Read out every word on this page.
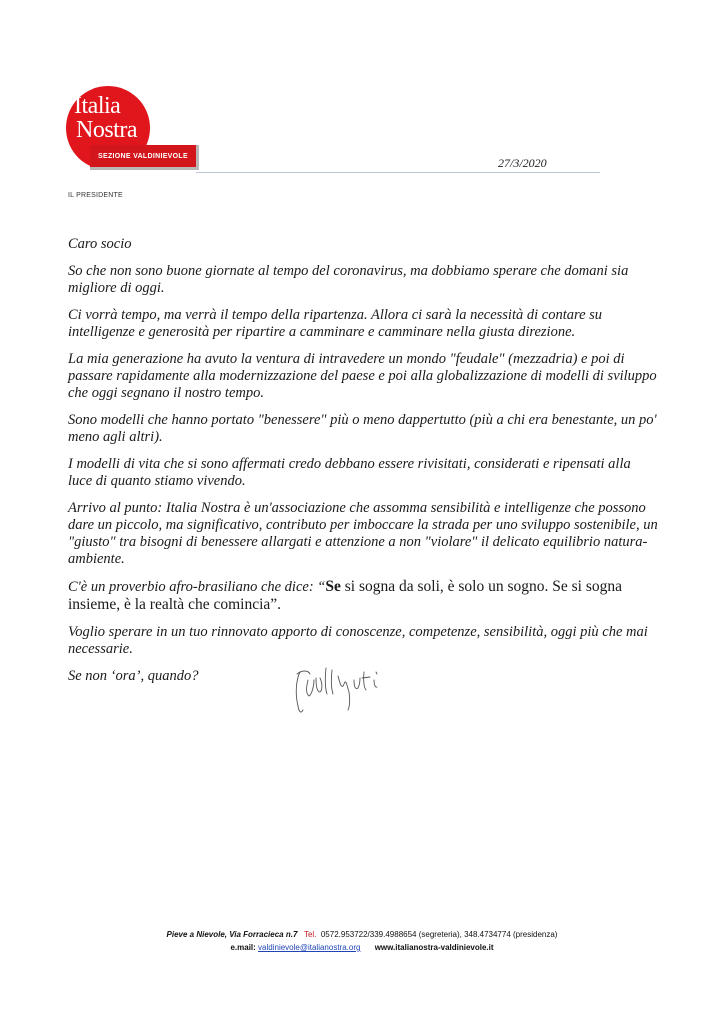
Italia
Nostra
SEZIONE VALDINIEVOLE	27/3/2020
IL PRESIDENTE

Caro socio

So che non sono buone giornate al tempo del coronavirus, ma dobbiamo sperare che domani sia migliore di oggi.

Ci vorrà tempo, ma verrà il tempo della ripartenza. Allora ci sarà la necessità di contare su intelligenze e generosità per ripartire a camminare e camminare nella giusta direzione.

La mia generazione ha avuto la ventura di intravedere un mondo "feudale" (mezzadria) e poi di passare rapidamente alla modernizzazione del paese e poi alla globalizzazione di modelli di sviluppo che oggi segnano il nostro tempo.

Sono modelli che hanno portato "benessere" più o meno dappertutto (più a chi era benestante, un po' meno agli altri).

I modelli di vita che si sono affermati credo debbano essere rivisitati, considerati e ripensati alla luce di quanto stiamo vivendo.

Arrivo al punto: Italia Nostra è un'associazione che assomma sensibilità e intelligenze che possono dare un piccolo, ma significativo, contributo per imboccare la strada per uno sviluppo sostenibile, un "giusto" tra bisogni di benessere allargati e attenzione a non "violare" il delicato equilibrio natura-ambiente.

C'è un proverbio afro-brasiliano che dice: “Se si sogna da soli, è solo un sogno. Se si sogna insieme, è la realtà che comincia”.

Voglio sperare in un tuo rinnovato apporto di conoscenze, competenze, sensibilità, oggi più che mai necessarie.

Se non ‘ora’, quando?

Pieve a Nievole, Via Forracieca n.7 Tel. 0572.953722/339.4988654 (segreteria), 348.4734774 (presidenza)
e.mail: valdinievole@italianostra.org www.italianostra-valdinievole.it
